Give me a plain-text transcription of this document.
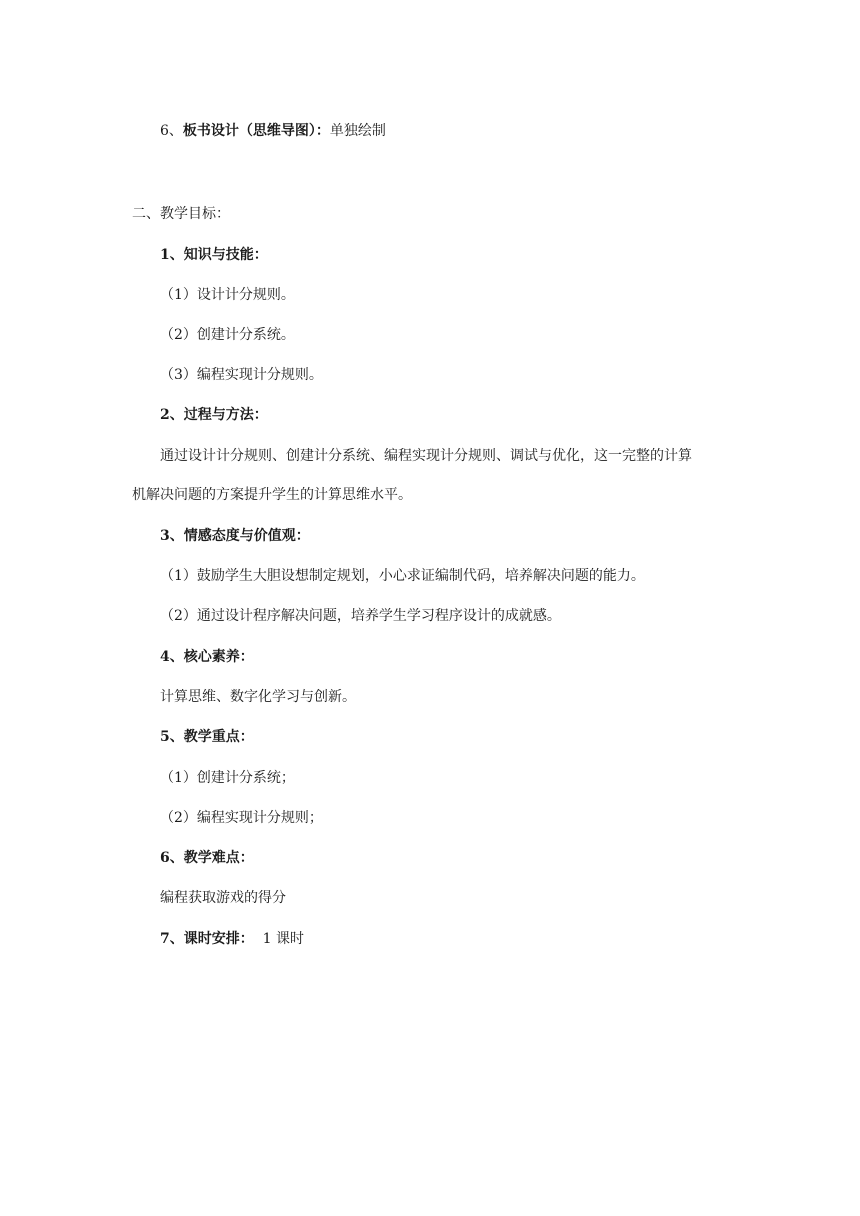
6、板书设计（思维导图）：单独绘制
二、教学目标：
1、知识与技能：
（1）设计计分规则。
（2）创建计分系统。
（3）编程实现计分规则。
2、过程与方法：
通过设计计分规则、创建计分系统、编程实现计分规则、调试与优化，这一完整的计算
机解决问题的方案提升学生的计算思维水平。
3、情感态度与价值观：
（1）鼓励学生大胆设想制定规划，小心求证编制代码，培养解决问题的能力。
（2）通过设计程序解决问题，培养学生学习程序设计的成就感。
4、核心素养：
计算思维、数字化学习与创新。
5、教学重点：
（1）创建计分系统；
（2）编程实现计分规则；
6、教学难点：
编程获取游戏的得分
7、课时安排： 1 课时
